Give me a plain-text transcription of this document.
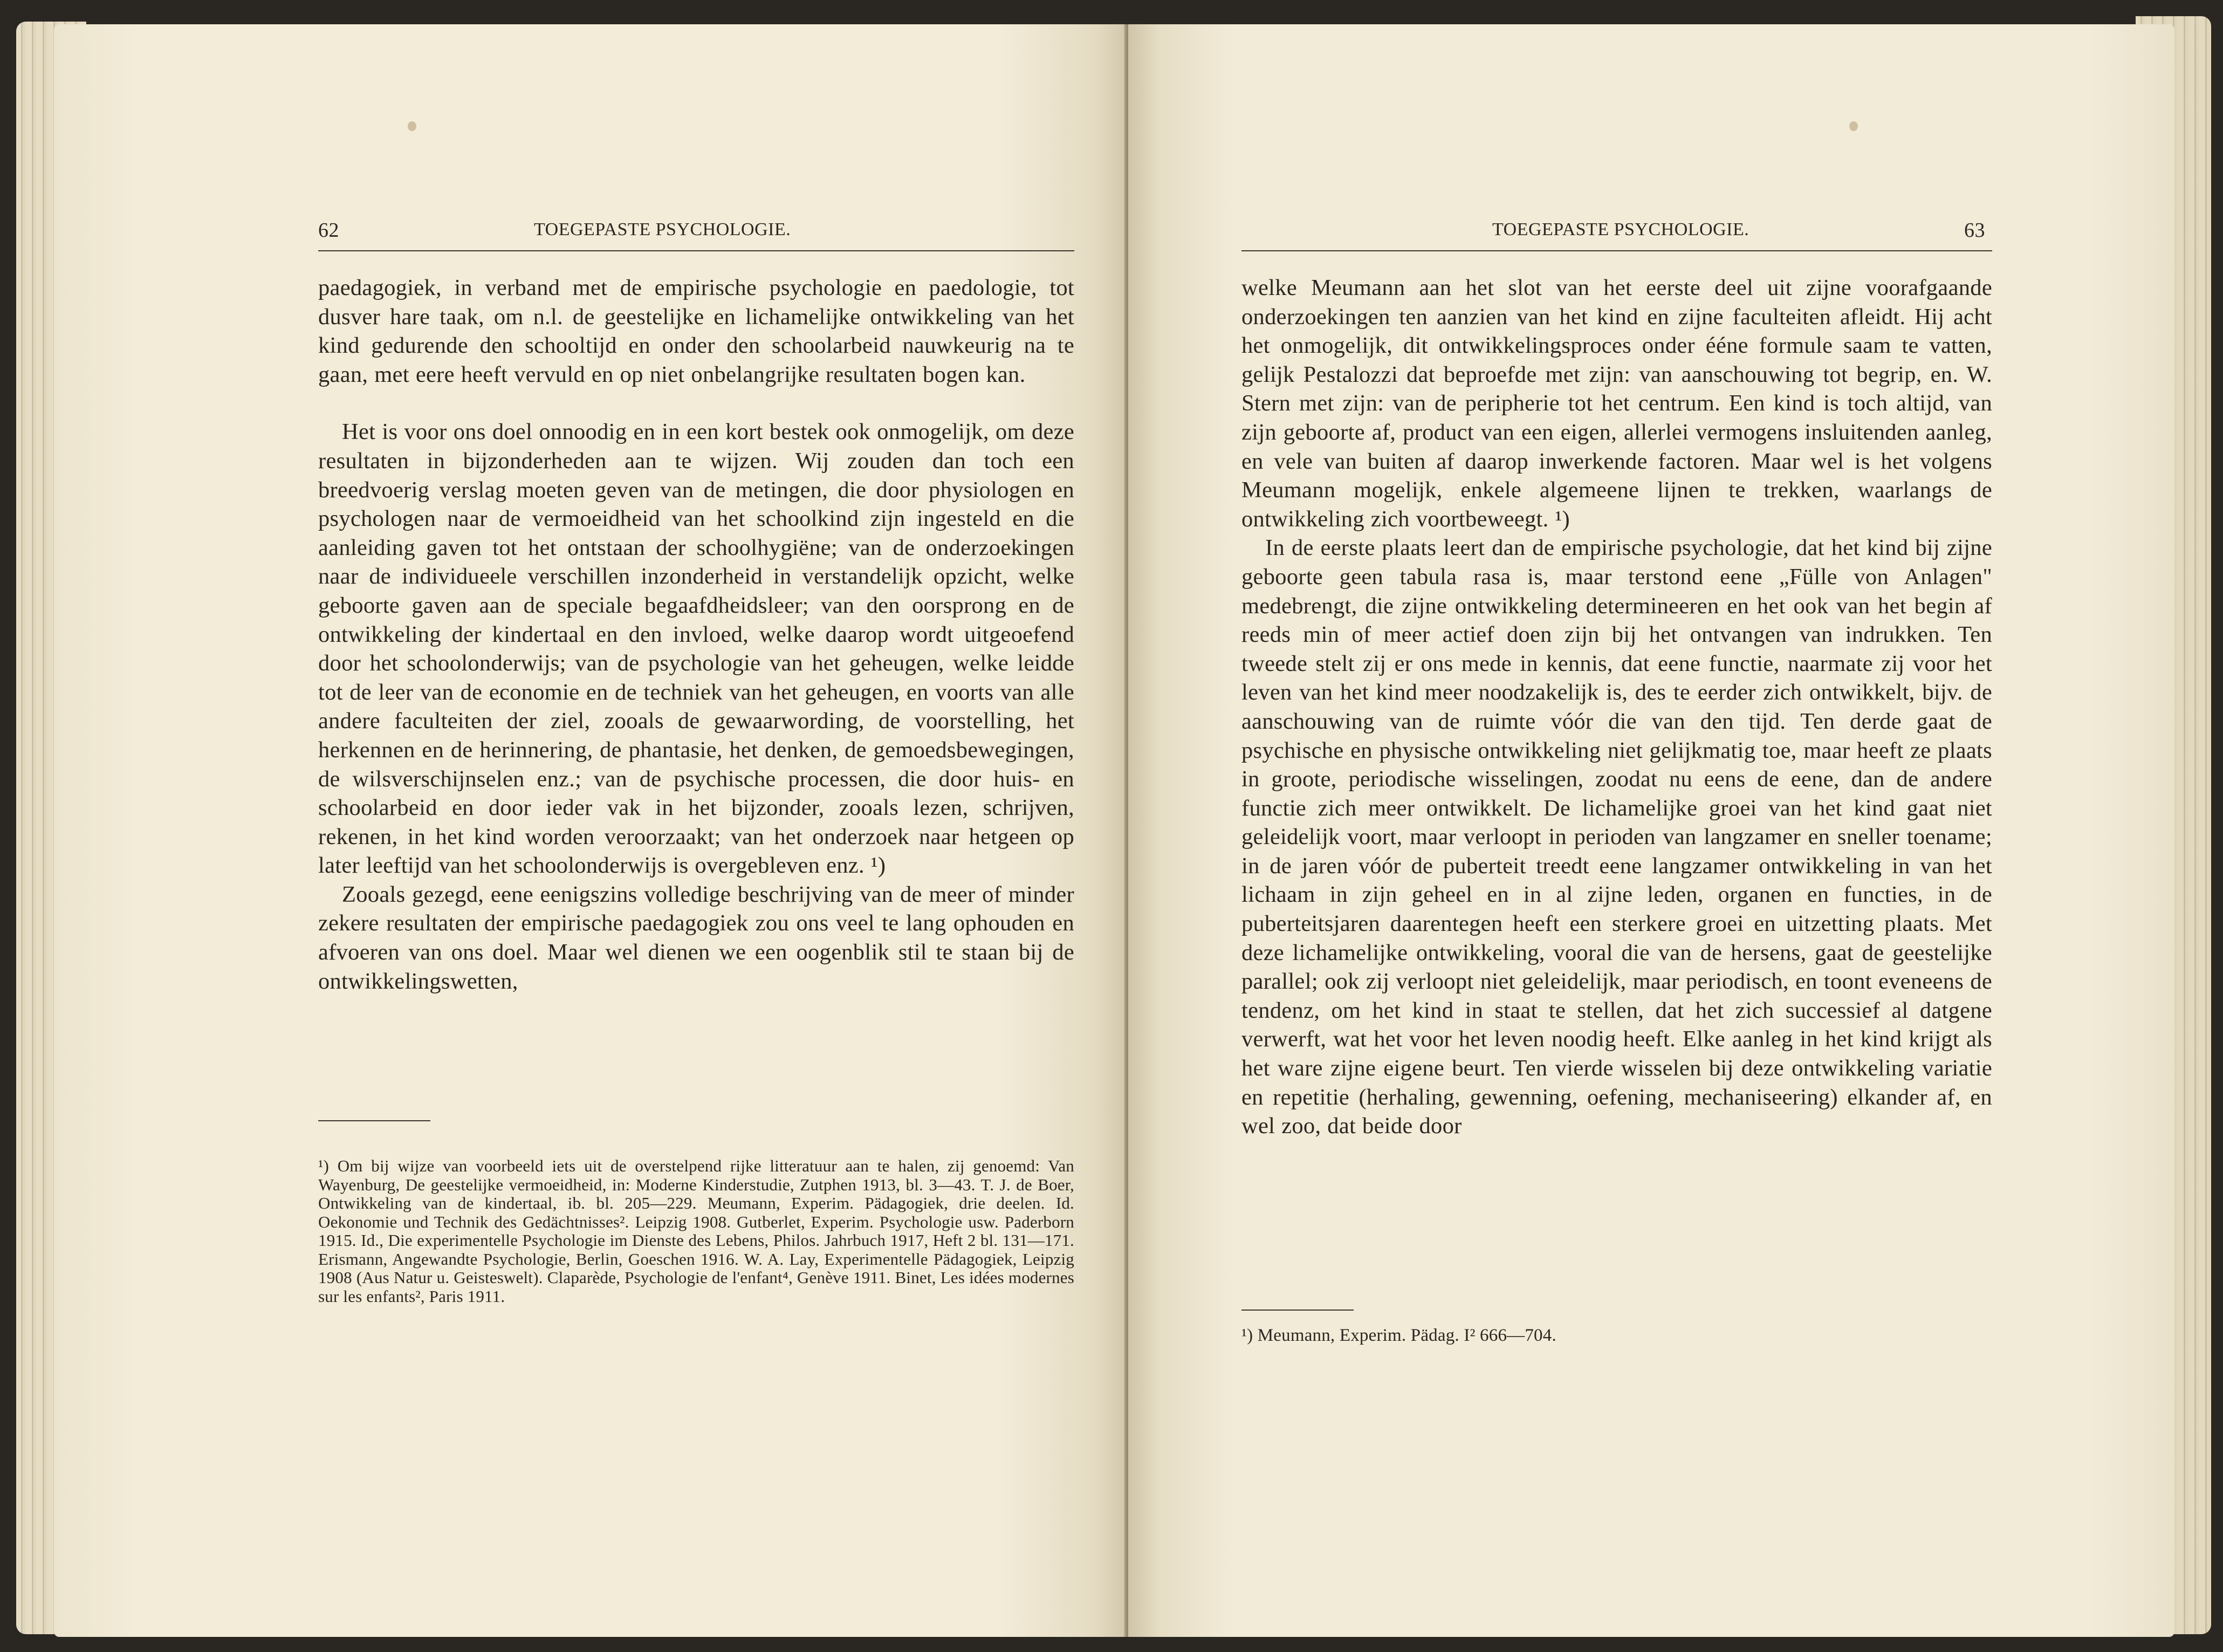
62	TOEGEPASTE PSYCHOLOGIE.

paedagogiek, in verband met de empirische psychologie en paedologie, tot dusver hare taak, om n.l. de geestelijke en lichamelijke ontwikkeling van het kind gedurende den schooltijd en onder den schoolarbeid nauwkeurig na te gaan, met eere heeft vervuld en op niet onbelangrijke resultaten bogen kan.

Het is voor ons doel onnoodig en in een kort bestek ook onmogelijk, om deze resultaten in bijzonderheden aan te wijzen. Wij zouden dan toch een breedvoerig verslag moeten geven van de metingen, die door physiologen en psychologen naar de vermoeidheid van het schoolkind zijn ingesteld en die aanleiding gaven tot het ontstaan der schoolhygiëne; van de onderzoekingen naar de individueele verschillen inzonderheid in verstandelijk opzicht, welke geboorte gaven aan de speciale begaafdheidsleer; van den oorsprong en de ontwikkeling der kindertaal en den invloed, welke daarop wordt uitgeoefend door het schoolonderwijs; van de psychologie van het geheugen, welke leidde tot de leer van de economie en de techniek van het geheugen, en voorts van alle andere faculteiten der ziel, zooals de gewaarwording, de voorstelling, het herkennen en de herinnering, de phantasie, het denken, de gemoedsbewegingen, de wilsverschijnselen enz.; van de psychische processen, die door huis- en schoolarbeid en door ieder vak in het bijzonder, zooals lezen, schrijven, rekenen, in het kind worden veroorzaakt; van het onderzoek naar hetgeen op later leeftijd van het schoolonderwijs is overgebleven enz. ¹)

Zooals gezegd, eene eenigszins volledige beschrijving van de meer of minder zekere resultaten der empirische paedagogiek zou ons veel te lang ophouden en afvoeren van ons doel. Maar wel dienen we een oogenblik stil te staan bij de ontwikkelingswetten,

¹) Om bij wijze van voorbeeld iets uit de overstelpend rijke litteratuur aan te halen, zij genoemd: Van Wayenburg, De geestelijke vermoeidheid, in: Moderne Kinderstudie, Zutphen 1913, bl. 3—43. T. J. de Boer, Ontwikkeling van de kindertaal, ib. bl. 205—229. Meumann, Experim. Pädagogiek, drie deelen. Id. Oekonomie und Technik des Gedächtnisses². Leipzig 1908. Gutberlet, Experim. Psychologie usw. Paderborn 1915. Id., Die experimentelle Psychologie im Dienste des Lebens, Philos. Jahrbuch 1917, Heft 2 bl. 131—171. Erismann, Angewandte Psychologie, Berlin, Goeschen 1916. W. A. Lay, Experimentelle Pädagogiek, Leipzig 1908 (Aus Natur u. Geisteswelt). Claparède, Psychologie de l'enfant⁴, Genève 1911. Binet, Les idées modernes sur les enfants², Paris 1911.
TOEGEPASTE PSYCHOLOGIE.	63

welke Meumann aan het slot van het eerste deel uit zijne voorafgaande onderzoekingen ten aanzien van het kind en zijne faculteiten afleidt. Hij acht het onmogelijk, dit ontwikkelingsproces onder ééne formule saam te vatten, gelijk Pestalozzi dat beproefde met zijn: van aanschouwing tot begrip, en. W. Stern met zijn: van de peripherie tot het centrum. Een kind is toch altijd, van zijn geboorte af, product van een eigen, allerlei vermogens insluitenden aanleg, en vele van buiten af daarop inwerkende factoren. Maar wel is het volgens Meumann mogelijk, enkele algemeene lijnen te trekken, waarlangs de ontwikkeling zich voortbeweegt. ¹)

In de eerste plaats leert dan de empirische psychologie, dat het kind bij zijne geboorte geen tabula rasa is, maar terstond eene „Fülle von Anlagen" medebrengt, die zijne ontwikkeling determineeren en het ook van het begin af reeds min of meer actief doen zijn bij het ontvangen van indrukken. Ten tweede stelt zij er ons mede in kennis, dat eene functie, naarmate zij voor het leven van het kind meer noodzakelijk is, des te eerder zich ontwikkelt, bijv. de aanschouwing van de ruimte vóór die van den tijd. Ten derde gaat de psychische en physische ontwikkeling niet gelijkmatig toe, maar heeft ze plaats in groote, periodische wisselingen, zoodat nu eens de eene, dan de andere functie zich meer ontwikkelt. De lichamelijke groei van het kind gaat niet geleidelijk voort, maar verloopt in perioden van langzamer en sneller toename; in de jaren vóór de puberteit treedt eene langzamer ontwikkeling in van het lichaam in zijn geheel en in al zijne leden, organen en functies, in de puberteitsjaren daarentegen heeft een sterkere groei en uitzetting plaats. Met deze lichamelijke ontwikkeling, vooral die van de hersens, gaat de geestelijke parallel; ook zij verloopt niet geleidelijk, maar periodisch, en toont eveneens de tendenz, om het kind in staat te stellen, dat het zich successief al datgene verwerft, wat het voor het leven noodig heeft. Elke aanleg in het kind krijgt als het ware zijne eigene beurt. Ten vierde wisselen bij deze ontwikkeling variatie en repetitie (herhaling, gewenning, oefening, mechaniseering) elkander af, en wel zoo, dat beide door

¹) Meumann, Experim. Pädag. I² 666—704.
